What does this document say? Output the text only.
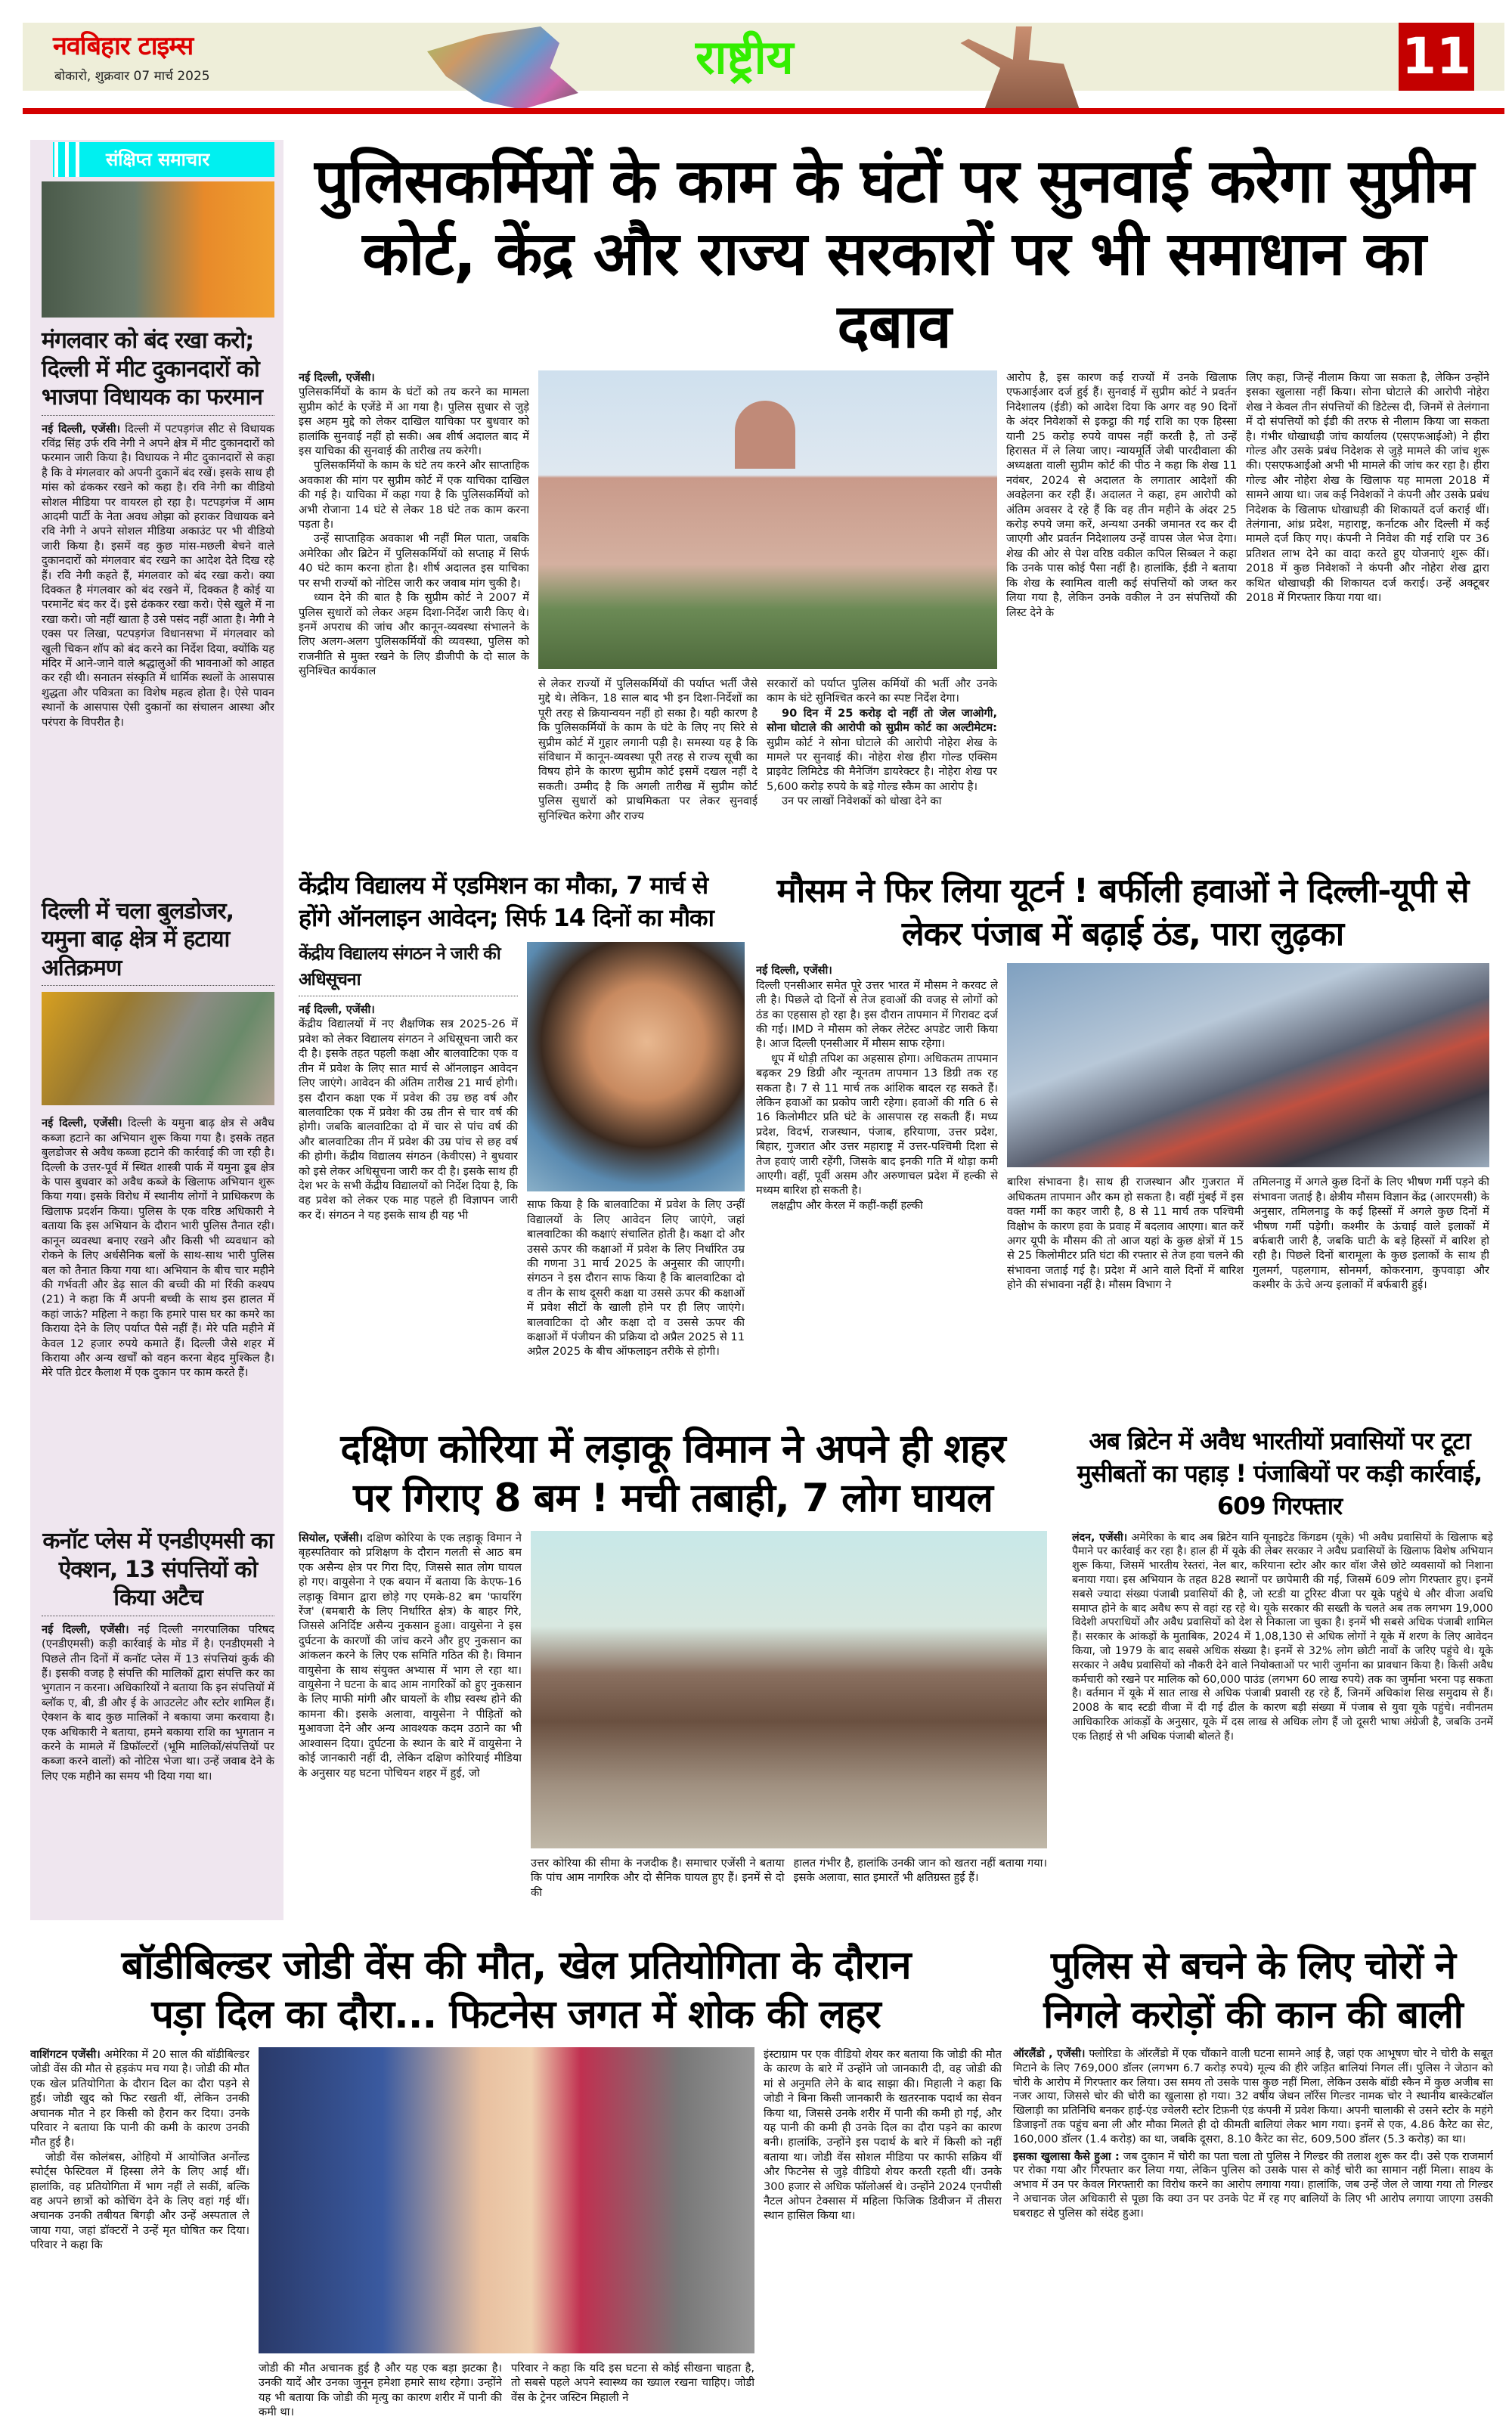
नवबिहार टाइम्स
बोकारो, शुक्रवार 07 मार्च 2025	राष्ट्रीय	11
संक्षिप्त समाचार
मंगलवार को बंद रखा करो; दिल्ली में मीट दुकानदारों को भाजपा विधायक का फरमान
नई दिल्ली, एजेंसी। दिल्ली में पटपड़गंज सीट से विधायक रविंद्र सिंह उर्फ रवि नेगी ने अपने क्षेत्र में मीट दुकानदारों को फरमान जारी किया है। विधायक ने मीट दुकानदारों से कहा है कि वे मंगलवार को अपनी दुकानें बंद रखें। इसके साथ ही मांस को ढंककर रखने को कहा है। रवि नेगी का वीडियो सोशल मीडिया पर वायरल हो रहा है। पटपड़गंज में आम आदमी पार्टी के नेता अवध ओझा को हराकर विधायक बने रवि नेगी ने अपने सोशल मीडिया अकाउंट पर भी वीडियो जारी किया है। इसमें वह कुछ मांस-मछली बेचने वाले दुकानदारों को मंगलवार बंद रखने का आदेश देते दिख रहे हैं। रवि नेगी कहते हैं, मंगलवार को बंद रखा करो। क्या दिक्कत है मंगलवार को बंद रखने में, दिक्कत है कोई या परमानेंट बंद कर दें। इसे ढंककर रखा करो। ऐसे खुले में ना रखा करो। जो नहीं खाता है उसे पसंद नहीं आता है। नेगी ने एक्स पर लिखा, पटपड़गंज विधानसभा में मंगलवार को खुली चिकन शॉप को बंद करने का निर्देश दिया, क्योंकि यह मंदिर में आने-जाने वाले श्रद्धालुओं की भावनाओं को आहत कर रही थी। सनातन संस्कृति में धार्मिक स्थलों के आसपास शुद्धता और पवित्रता का विशेष महत्व होता है। ऐसे पावन स्थानों के आसपास ऐसी दुकानों का संचालन आस्था और परंपरा के विपरीत है।
दिल्ली में चला बुलडोजर, यमुना बाढ़ क्षेत्र में हटाया अतिक्रमण
नई दिल्ली, एजेंसी। दिल्ली के यमुना बाढ़ क्षेत्र से अवैध कब्जा हटाने का अभियान शुरू किया गया है। इसके तहत बुलडोजर से अवैध कब्जा हटाने की कार्रवाई की जा रही है। दिल्ली के उत्तर-पूर्व में स्थित शास्त्री पार्क में यमुना डूब क्षेत्र के पास बुधवार को अवैध कब्जे के खिलाफ अभियान शुरू किया गया। इसके विरोध में स्थानीय लोगों ने प्राधिकरण के खिलाफ प्रदर्शन किया। पुलिस के एक वरिष्ठ अधिकारी ने बताया कि इस अभियान के दौरान भारी पुलिस तैनात रही। कानून व्यवस्था बनाए रखने और किसी भी व्यवधान को रोकने के लिए अर्धसैनिक बलों के साथ-साथ भारी पुलिस बल को तैनात किया गया था। अभियान के बीच चार महीने की गर्भवती और डेढ़ साल की बच्ची की मां रिंकी कश्यप (21) ने कहा कि मैं अपनी बच्ची के साथ इस हालत में कहां जाऊं? महिला ने कहा कि हमारे पास घर का कमरे का किराया देने के लिए पर्याप्त पैसे नहीं हैं। मेरे पति महीने में केवल 12 हजार रुपये कमाते हैं। दिल्ली जैसे शहर में किराया और अन्य खर्चों को वहन करना बेहद मुश्किल है। मेरे पति ग्रेटर कैलाश में एक दुकान पर काम करते हैं।
कनॉट प्लेस में एनडीएमसी का ऐक्शन, 13 संपत्तियों को किया अटैच
नई दिल्ली, एजेंसी। नई दिल्ली नगरपालिका परिषद (एनडीएमसी) कड़ी कार्रवाई के मोड में है। एनडीएमसी ने पिछले तीन दिनों में कनॉट प्लेस में 13 संपत्तियां कुर्क की हैं। इसकी वजह है संपत्ति की मालिकों द्वारा संपत्ति कर का भुगतान न करना। अधिकारियों ने बताया कि इन संपत्तियों में ब्लॉक ए, बी, डी और ई के आउटलेट और स्टोर शामिल हैं। ऐक्शन के बाद कुछ मालिकों ने बकाया जमा करवाया है। एक अधिकारी ने बताया, हमने बकाया राशि का भुगतान न करने के मामले में डिफॉल्टरों (भूमि मालिकों/संपत्तियों पर कब्जा करने वालों) को नोटिस भेजा था। उन्हें जवाब देने के लिए एक महीने का समय भी दिया गया था।
पुलिसकर्मियों के काम के घंटों पर सुनवाई करेगा सुप्रीम
कोर्ट, केंद्र और राज्य सरकारों पर भी समाधान का दबाव

नई दिल्ली, एजेंसी।
पुलिसकर्मियों के काम के घंटों को तय करने का मामला सुप्रीम कोर्ट के एजेंडे में आ गया है। पुलिस सुधार से जुड़े इस अहम मुद्दे को लेकर दाखिल याचिका पर बुधवार को हालांकि सुनवाई नहीं हो सकी। अब शीर्ष अदालत बाद में इस याचिका की सुनवाई की तारीख तय करेगी।

पुलिसकर्मियों के काम के घंटे तय करने और साप्ताहिक अवकाश की मांग पर सुप्रीम कोर्ट में एक याचिका दाखिल की गई है। याचिका में कहा गया है कि पुलिसकर्मियों को अभी रोजाना 14 घंटे से लेकर 18 घंटे तक काम करना पड़ता है।

उन्हें साप्ताहिक अवकाश भी नहीं मिल पाता, जबकि अमेरिका और ब्रिटेन में पुलिसकर्मियों को सप्ताह में सिर्फ 40 घंटे काम करना होता है। शीर्ष अदालत इस याचिका पर सभी राज्यों को नोटिस जारी कर जवाब मांग चुकी है।

ध्यान देने की बात है कि सुप्रीम कोर्ट ने 2007 में पुलिस सुधारों को लेकर अहम दिशा-निर्देश जारी किए थे। इनमें अपराध की जांच और कानून-व्यवस्था संभालने के लिए अलग-अलग पुलिसकर्मियों की व्यवस्था, पुलिस को राजनीति से मुक्त रखने के लिए डीजीपी के दो साल के सुनिश्चित कार्यकाल

से लेकर राज्यों में पुलिसकर्मियों की पर्याप्त भर्ती जैसे मुद्दे थे। लेकिन, 18 साल बाद भी इन दिशा-निर्देशों का पूरी तरह से क्रियान्वयन नहीं हो सका है। यही कारण है कि पुलिसकर्मियों के काम के घंटे के लिए नए सिरे से सुप्रीम कोर्ट में गुहार लगानी पड़ी है। समस्या यह है कि संविधान में कानून-व्यवस्था पूरी तरह से राज्य सूची का विषय होने के कारण सुप्रीम कोर्ट इसमें दखल नहीं दे सकती। उम्मीद है कि अगली तारीख में सुप्रीम कोर्ट पुलिस सुधारों को प्राथमिकता पर लेकर सुनवाई सुनिश्चित करेगा और राज्य

सरकारों को पर्याप्त पुलिस कर्मियों की भर्ती और उनके काम के घंटे सुनिश्चित करने का स्पष्ट निर्देश देगा।

90 दिन में 25 करोड़ दो नहीं तो जेल जाओगी, सोना घोटाले की आरोपी को सुप्रीम कोर्ट का अल्टीमेटम: सुप्रीम कोर्ट ने सोना घोटाले की आरोपी नोहेरा शेख के मामले पर सुनवाई की। नोहेरा शेख हीरा गोल्ड एक्सिम प्राइवेट लिमिटेड की मैनेजिंग डायरेक्टर है। नोहेरा शेख पर 5,600 करोड़ रुपये के बड़े गोल्ड स्कैम का आरोप है।

उन पर लाखों निवेशकों को धोखा देने का

आरोप है, इस कारण कई राज्यों में उनके खिलाफ एफआईआर दर्ज हुई हैं। सुनवाई में सुप्रीम कोर्ट ने प्रवर्तन निदेशालय (ईडी) को आदेश दिया कि अगर वह 90 दिनों के अंदर निवेशकों से इकट्ठा की गई राशि का एक हिस्सा यानी 25 करोड़ रुपये वापस नहीं करती है, तो उन्हें हिरासत में ले लिया जाए। न्यायमूर्ति जेबी पारदीवाला की अध्यक्षता वाली सुप्रीम कोर्ट की पीठ ने कहा कि शेख 11 नवंबर, 2024 से अदालत के लगातार आदेशों की अवहेलना कर रही हैं। अदालत ने कहा, हम आरोपी को अंतिम अवसर दे रहे हैं कि वह तीन महीने के अंदर 25 करोड़ रुपये जमा करें, अन्यथा उनकी जमानत रद कर दी जाएगी और प्रवर्तन निदेशालय उन्हें वापस जेल भेज देगा। शेख की ओर से पेश वरिष्ठ वकील कपिल सिब्बल ने कहा कि उनके पास कोई पैसा नहीं है। हालांकि, ईडी ने बताया कि शेख के स्वामित्व वाली कई संपत्तियों को जब्त कर लिया गया है, लेकिन उनके वकील ने उन संपत्तियों की लिस्ट देने के

लिए कहा, जिन्हें नीलाम किया जा सकता है, लेकिन उन्होंने इसका खुलासा नहीं किया। सोना घोटाले की आरोपी नोहेरा शेख ने केवल तीन संपत्तियों की डिटेल्स दी, जिनमें से तेलंगाना में दो संपत्तियों को ईडी की तरफ से नीलाम किया जा सकता है। गंभीर धोखाधड़ी जांच कार्यालय (एसएफआईओ) ने हीरा गोल्ड और उसके प्रबंध निदेशक से जुड़े मामले की जांच शुरू की। एसएफआईओ अभी भी मामले की जांच कर रहा है। हीरा गोल्ड और नोहेरा शेख के खिलाफ यह मामला 2018 में सामने आया था। जब कई निवेशकों ने कंपनी और उसके प्रबंध निदेशक के खिलाफ धोखाधड़ी की शिकायतें दर्ज कराई थीं। तेलंगाना, आंध्र प्रदेश, महाराष्ट्र, कर्नाटक और दिल्ली में कई मामले दर्ज किए गए। कंपनी ने निवेश की गई राशि पर 36 प्रतिशत लाभ देने का वादा करते हुए योजनाएं शुरू कीं। 2018 में कुछ निवेशकों ने कंपनी और नोहेरा शेख द्वारा कथित धोखाधड़ी की शिकायत दर्ज कराई। उन्हें अक्टूबर 2018 में गिरफ्तार किया गया था।

केंद्रीय विद्यालय में एडमिशन का मौका, 7 मार्च से होंगे ऑनलाइन आवेदन; सिर्फ 14 दिनों का मौका
केंद्रीय विद्यालय संगठन ने जारी की अधिसूचना

नई दिल्ली, एजेंसी।
केंद्रीय विद्यालयों में नए शैक्षणिक सत्र 2025-26 में प्रवेश को लेकर विद्यालय संगठन ने अधिसूचना जारी कर दी है। इसके तहत पहली कक्षा और बालवाटिका एक व तीन में प्रवेश के लिए सात मार्च से ऑनलाइन आवेदन लिए जाएंगे। आवेदन की अंतिम तारीख 21 मार्च होगी। इस दौरान कक्षा एक में प्रवेश की उम्र छह वर्ष और बालवाटिका एक में प्रवेश की उम्र तीन से चार वर्ष की होगी। जबकि बालवाटिका दो में चार से पांच वर्ष की और बालवाटिका तीन में प्रवेश की उम्र पांच से छह वर्ष की होगी। केंद्रीय विद्यालय संगठन (केवीएस) ने बुधवार को इसे लेकर अधिसूचना जारी कर दी है। इसके साथ ही देश भर के सभी केंद्रीय विद्यालयों को निर्देश दिया है, कि वह प्रवेश को लेकर एक माह पहले ही विज्ञापन जारी कर दें। संगठन ने यह इसके साथ ही यह भी

साफ किया है कि बालवाटिका में प्रवेश के लिए उन्हीं विद्यालयों के लिए आवेदन लिए जाएंगे, जहां बालवाटिका की कक्षाएं संचालित होती है। कक्षा दो और उससे ऊपर की कक्षाओं में प्रवेश के लिए निर्धारित उम्र की गणना 31 मार्च 2025 के अनुसार की जाएगी। संगठन ने इस दौरान साफ किया है कि बालवाटिका दो व तीन के साथ दूसरी कक्षा या उससे ऊपर की कक्षाओं में प्रवेश सीटों के खाली होने पर ही लिए जाएंगे। बालवाटिका दो और कक्षा दो व उससे ऊपर की कक्षाओं में पंजीयन की प्रक्रिया दो अप्रैल 2025 से 11 अप्रैल 2025 के बीच ऑफलाइन तरीके से होगी।

मौसम ने फिर लिया यूटर्न ! बर्फीली हवाओं ने दिल्ली-यूपी से लेकर पंजाब में बढ़ाई ठंड, पारा लुढ़का

नई दिल्ली, एजेंसी।
दिल्ली एनसीआर समेत पूरे उत्तर भारत में मौसम ने करवट ले ली है। पिछले दो दिनों से तेज हवाओं की वजह से लोगों को ठंड का एहसास हो रहा है। इस दौरान तापमान में गिरावट दर्ज की गई। IMD ने मौसम को लेकर लेटेस्ट अपडेट जारी किया है। आज दिल्ली एनसीआर में मौसम साफ रहेगा।

धूप में थोड़ी तपिश का अहसास होगा। अधिकतम तापमान बढ़कर 29 डिग्री और न्यूनतम तापमान 13 डिग्री तक रह सकता है। 7 से 11 मार्च तक आंशिक बादल रह सकते हैं। लेकिन हवाओं का प्रकोप जारी रहेगा। हवाओं की गति 6 से 16 किलोमीटर प्रति घंटे के आसपास रह सकती हैं। मध्य प्रदेश, विदर्भ, राजस्थान, पंजाब, हरियाणा, उत्तर प्रदेश, बिहार, गुजरात और उत्तर महाराष्ट्र में उत्तर-पश्चिमी दिशा से तेज हवाएं जारी रहेंगी, जिसके बाद इनकी गति में थोड़ा कमी आएगी। वहीं, पूर्वी असम और अरुणाचल प्रदेश में हल्की से मध्यम बारिश हो सकती है।

लक्षद्वीप और केरल में कहीं-कहीं हल्की

बारिश संभावना है। साथ ही राजस्थान और गुजरात में अधिकतम तापमान और कम हो सकता है। वहीं मुंबई में इस वक्त गर्मी का कहर जारी है, 8 से 11 मार्च तक पश्चिमी विक्षोभ के कारण हवा के प्रवाह में बदलाव आएगा। बात करें अगर यूपी के मौसम की तो आज यहां के कुछ क्षेत्रों में 15 से 25 किलोमीटर प्रति घंटा की रफ्तार से तेज हवा चलने की संभावना जताई गई है। प्रदेश में आने वाले दिनों में बारिश होने की संभावना नहीं है। मौसम विभाग ने

तमिलनाडु में अगले कुछ दिनों के लिए भीषण गर्मी पड़ने की संभावना जताई है। क्षेत्रीय मौसम विज्ञान केंद्र (आरएमसी) के अनुसार, तमिलनाडु के कई हिस्सों में अगले कुछ दिनों में भीषण गर्मी पड़ेगी। कश्मीर के ऊंचाई वाले इलाकों में बर्फबारी जारी है, जबकि घाटी के बड़े हिस्सों में बारिश हो रही है। पिछले दिनों बारामूला के कुछ इलाकों के साथ ही गुलमर्ग, पहलगाम, सोनमर्ग, कोकरनाग, कुपवाड़ा और कश्मीर के ऊंचे अन्य इलाकों में बर्फबारी हुई।

दक्षिण कोरिया में लड़ाकू विमान ने अपने ही शहर
पर गिराए 8 बम ! मची तबाही, 7 लोग घायल

सियोल, एजेंसी। दक्षिण कोरिया के एक लड़ाकू विमान ने बृहस्पतिवार को प्रशिक्षण के दौरान गलती से आठ बम एक असैन्य क्षेत्र पर गिरा दिए, जिससे सात लोग घायल हो गए। वायुसेना ने एक बयान में बताया कि केएफ-16 लड़ाकू विमान द्वारा छोड़े गए एमके-82 बम 'फायरिंग रेंज' (बमबारी के लिए निर्धारित क्षेत्र) के बाहर गिरे, जिससे अनिर्दिष्ट असैन्य नुकसान हुआ। वायुसेना ने इस दुर्घटना के कारणों की जांच करने और हुए नुकसान का आंकलन करने के लिए एक समिति गठित की है। विमान वायुसेना के साथ संयुक्त अभ्यास में भाग ले रहा था। वायुसेना ने घटना के बाद आम नागरिकों को हुए नुकसान के लिए माफी मांगी और घायलों के शीघ्र स्वस्थ होने की कामना की। इसके अलावा, वायुसेना ने पीड़ितों को मुआवजा देने और अन्य आवश्यक कदम उठाने का भी आश्वासन दिया। दुर्घटना के स्थान के बारे में वायुसेना ने कोई जानकारी नहीं दी, लेकिन दक्षिण कोरियाई मीडिया के अनुसार यह घटना पोचियन शहर में हुई, जो

उत्तर कोरिया की सीमा के नजदीक है। समाचार एजेंसी ने बताया कि पांच आम नागरिक और दो सैनिक घायल हुए हैं। इनमें से दो की

हालत गंभीर है, हालांकि उनकी जान को खतरा नहीं बताया गया। इसके अलावा, सात इमारतें भी क्षतिग्रस्त हुई हैं।

अब ब्रिटेन में अवैध भारतीयों प्रवासियों पर टूटा मुसीबतों का पहाड़ ! पंजाबियों पर कड़ी कार्रवाई, 609 गिरफ्तार

लंदन, एजेंसी। अमेरिका के बाद अब ब्रिटेन यानि यूनाइटेड किंगडम (यूके) भी अवैध प्रवासियों के खिलाफ बड़े पैमाने पर कार्रवाई कर रहा है। हाल ही में यूके की लेबर सरकार ने अवैध प्रवासियों के खिलाफ विशेष अभियान शुरू किया, जिसमें भारतीय रेस्तरां, नेल बार, करियाना स्टोर और कार वॉश जैसे छोटे व्यवसायों को निशाना बनाया गया। इस अभियान के तहत 828 स्थानों पर छापेमारी की गई, जिसमें 609 लोग गिरफ्तार हुए। इनमें सबसे ज्यादा संख्या पंजाबी प्रवासियों की है, जो स्टडी या टूरिस्ट वीजा पर यूके पहुंचे थे और वीजा अवधि समाप्त होने के बाद अवैध रूप से वहां रह रहे थे। यूके सरकार की सख्ती के चलते अब तक लगभग 19,000 विदेशी अपराधियों और अवैध प्रवासियों को देश से निकाला जा चुका है। इनमें भी सबसे अधिक पंजाबी शामिल हैं। सरकार के आंकड़ों के मुताबिक, 2024 में 1,08,130 से अधिक लोगों ने यूके में शरण के लिए आवेदन किया, जो 1979 के बाद सबसे अधिक संख्या है। इनमें से 32% लोग छोटी नावों के जरिए पहुंचे थे। यूके सरकार ने अवैध प्रवासियों को नौकरी देने वाले नियोक्ताओं पर भारी जुर्माना का प्रावधान किया है। किसी अवैध कर्मचारी को रखने पर मालिक को 60,000 पाउंड (लगभग 60 लाख रुपये) तक का जुर्माना भरना पड़ सकता है। वर्तमान में यूके में सात लाख से अधिक पंजाबी प्रवासी रह रहे हैं, जिनमें अधिकांश सिख समुदाय से हैं। 2008 के बाद स्टडी वीजा में दी गई ढील के कारण बड़ी संख्या में पंजाब से युवा यूके पहुंचे। नवीनतम आधिकारिक आंकड़ों के अनुसार, यूके में दस लाख से अधिक लोग हैं जो दूसरी भाषा अंग्रेजी है, जबकि उनमें एक तिहाई से भी अधिक पंजाबी बोलते हैं।

बॉडीबिल्डर जोडी वेंस की मौत, खेल प्रतियोगिता के दौरान
पड़ा दिल का दौरा... फिटनेस जगत में शोक की लहर

वाशिंगटन एजेंसी। अमेरिका में 20 साल की बॉडीबिल्डर जोडी वेंस की मौत से हड़कंप मच गया है। जोडी की मौत एक खेल प्रतियोगिता के दौरान दिल का दौरा पड़ने से हुई। जोडी खुद को फिट रखती थीं, लेकिन उनकी अचानक मौत ने हर किसी को हैरान कर दिया। उनके परिवार ने बताया कि पानी की कमी के कारण उनकी मौत हुई है।

जोडी वेंस कोलंबस, ओहियो में आयोजित अर्नोल्ड स्पोर्ट्स फेस्टिवल में हिस्सा लेने के लिए आई थीं। हालांकि, वह प्रतियोगिता में भाग नहीं ले सकीं, बल्कि वह अपने छात्रों को कोचिंग देने के लिए वहां गई थीं। अचानक उनकी तबीयत बिगड़ी और उन्हें अस्पताल ले जाया गया, जहां डॉक्टरों ने उन्हें मृत घोषित कर दिया। परिवार ने कहा कि

जोडी की मौत अचानक हुई है और यह एक बड़ा झटका है। उनकी यादें और उनका जुनून हमेशा हमारे साथ रहेगा। उन्होंने यह भी बताया कि जोडी की मृत्यु का कारण शरीर में पानी की कमी था।

परिवार ने कहा कि यदि इस घटना से कोई सीखना चाहता है, तो सबसे पहले अपने स्वास्थ्य का ख्याल रखना चाहिए। जोडी वेंस के ट्रेनर जस्टिन मिहाली ने

इंस्टाग्राम पर एक वीडियो शेयर कर बताया कि जोडी की मौत के कारण के बारे में उन्होंने जो जानकारी दी, वह जोडी की मां से अनुमति लेने के बाद साझा की। मिहाली ने कहा कि जोडी ने बिना किसी जानकारी के खतरनाक पदार्थ का सेवन किया था, जिससे उनके शरीर में पानी की कमी हो गई, और यह पानी की कमी ही उनके दिल का दौरा पड़ने का कारण बनी। हालांकि, उन्होंने इस पदार्थ के बारे में किसी को नहीं बताया था। जोडी वेंस सोशल मीडिया पर काफी सक्रिय थीं और फिटनेस से जुड़े वीडियो शेयर करती रहती थीं। उनके 300 हजार से अधिक फॉलोअर्स थे। उन्होंने 2024 एनपीसी नैटल ओपन टेक्सास में महिला फिजिक डिवीजन में तीसरा स्थान हासिल किया था।

पुलिस से बचने के लिए चोरों ने निगले करोड़ों की कान की बाली

ऑरलैंडो , एजेंसी। फ्लोरिडा के ऑरलैंडो में एक चौंकाने वाली घटना सामने आई है, जहां एक आभूषण चोर ने चोरी के सबूत मिटाने के लिए 769,000 डॉलर (लगभग 6.7 करोड़ रुपये) मूल्य की हीरे जड़ित बालियां निगल लीं। पुलिस ने जेठान को चोरी के आरोप में गिरफ्तार कर लिया। उस समय तो उसके पास कुछ नहीं मिला, लेकिन उसके बॉडी स्कैन में कुछ अजीब सा नजर आया, जिससे चोर की चोरी का खुलासा हो गया। 32 वर्षीय जेथन लॉरेंस गिल्डर नामक चोर ने स्थानीय बास्केटबॉल खिलाड़ी का प्रतिनिधि बनकर हाई-एंड ज्वेलरी स्टोर टिफ़नी एंड कंपनी में प्रवेश किया। अपनी चालाकी से उसने स्टोर के महंगे डिजाइनों तक पहुंच बना ली और मौका मिलते ही दो कीमती बालियां लेकर भाग गया। इनमें से एक, 4.86 कैरेट का सेट, 160,000 डॉलर (1.4 करोड़) का था, जबकि दूसरा, 8.10 कैरेट का सेट, 609,500 डॉलर (5.3 करोड़) का था।

इसका खुलासा कैसे हुआ : जब दुकान में चोरी का पता चला तो पुलिस ने गिल्डर की तलाश शुरू कर दी। उसे एक राजमार्ग पर रोका गया और गिरफ्तार कर लिया गया, लेकिन पुलिस को उसके पास से कोई चोरी का सामान नहीं मिला। साक्ष्य के अभाव में उन पर केवल गिरफ्तारी का विरोध करने का आरोप लगाया गया। हालांकि, जब उन्हें जेल ले जाया गया तो गिल्डर ने अचानक जेल अधिकारी से पूछा कि क्या उन पर उनके पेट में रह गए बालियों के लिए भी आरोप लगाया जाएगा उसकी घबराहट से पुलिस को संदेह हुआ।
